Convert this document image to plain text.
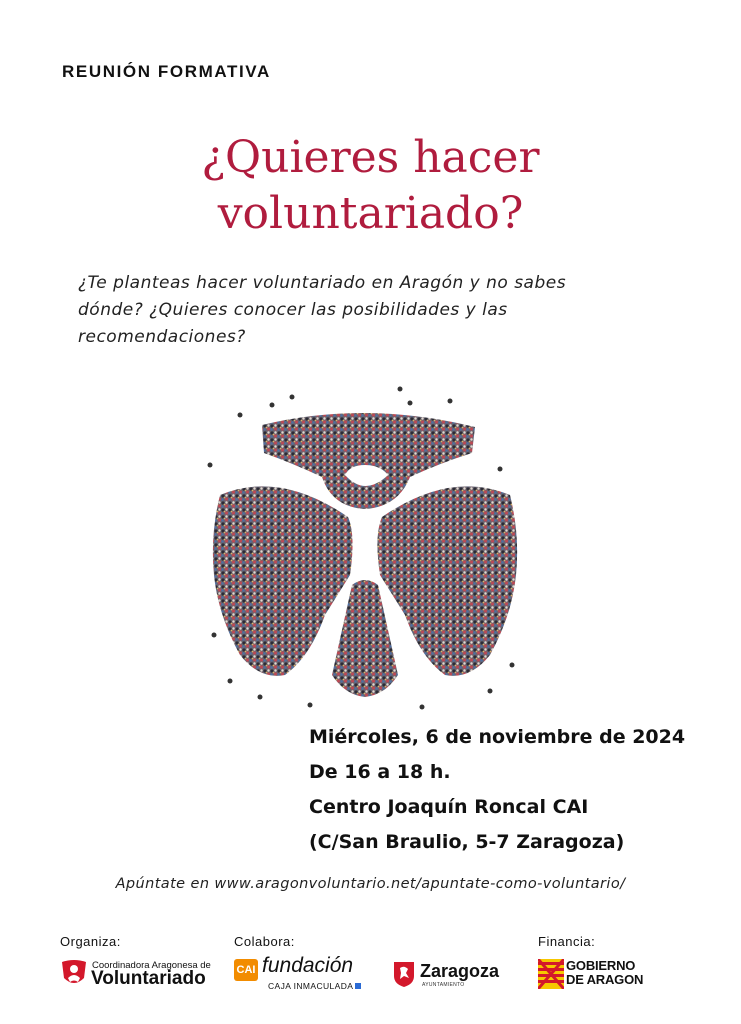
REUNIÓN FORMATIVA
¿Quieres hacer
voluntariado?
¿Te planteas hacer voluntariado en Aragón y no sabes
dónde? ¿Quieres conocer las posibilidades y las
recomendaciones?
Miércoles, 6 de noviembre de 2024
De 16 a 18 h.
Centro Joaquín Roncal CAI
(C/San Braulio, 5-7 Zaragoza)
Apúntate en www.aragonvoluntario.net/apuntate-como-voluntario/
Organiza:	Colabora:	Financia:
Coordinadora Aragonesa de
Voluntariado	CAI fundación
CAJA INMACULADA
Zaragoza
AYUNTAMIENTO
GOBIERNO
DE ARAGON
